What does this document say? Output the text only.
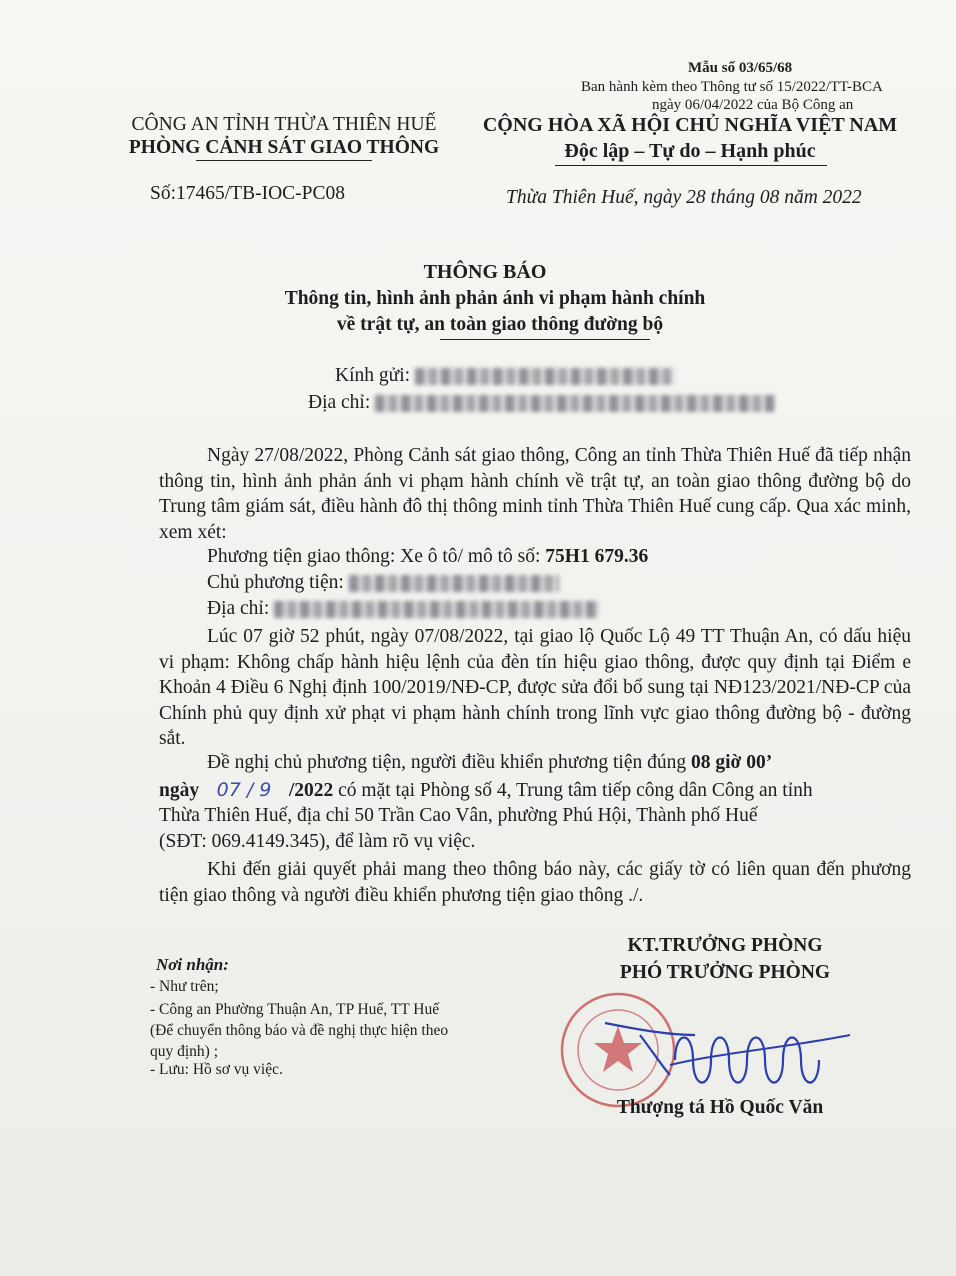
Mẫu số 03/65/68
Ban hành kèm theo Thông tư số 15/2022/TT-BCA
ngày 06/04/2022 của Bộ Công an
CÔNG AN TỈNH THỪA THIÊN HUẾ
PHÒNG CẢNH SÁT GIAO THÔNG
CỘNG HÒA XÃ HỘI CHỦ NGHĨA VIỆT NAM
Độc lập – Tự do – Hạnh phúc
Số:17465/TB-IOC-PC08	Thừa Thiên Huế, ngày 28 tháng 08 năm 2022
THÔNG BÁO
Thông tin, hình ảnh phản ánh vi phạm hành chính
về trật tự, an toàn giao thông đường bộ
Kính gửi:
Địa chỉ:
Ngày 27/08/2022, Phòng Cảnh sát giao thông, Công an tỉnh Thừa Thiên Huế đã tiếp nhận thông tin, hình ảnh phản ánh vi phạm hành chính về trật tự, an toàn giao thông đường bộ do Trung tâm giám sát, điều hành đô thị thông minh tỉnh Thừa Thiên Huế cung cấp. Qua xác minh, xem xét:
Phương tiện giao thông: Xe ô tô/ mô tô số: 75H1 679.36
Chủ phương tiện:
Địa chỉ:
Lúc 07 giờ 52 phút, ngày 07/08/2022, tại giao lộ Quốc Lộ 49 TT Thuận An, có dấu hiệu vi phạm: Không chấp hành hiệu lệnh của đèn tín hiệu giao thông, được quy định tại Điểm e Khoản 4 Điều 6 Nghị định 100/2019/NĐ-CP, được sửa đổi bổ sung tại NĐ123/2021/NĐ-CP của Chính phủ quy định xử phạt vi phạm hành chính trong lĩnh vực giao thông đường bộ - đường sắt.
Đề nghị chủ phương tiện, người điều khiển phương tiện đúng 08 giờ 00’
ngày 07 / 9 /2022 có mặt tại Phòng số 4, Trung tâm tiếp công dân Công an tỉnh
Thừa Thiên Huế, địa chỉ 50 Trần Cao Vân, phường Phú Hội, Thành phố Huế
(SĐT: 069.4149.345), để làm rõ vụ việc.
Khi đến giải quyết phải mang theo thông báo này, các giấy tờ có liên quan đến phương tiện giao thông và người điều khiển phương tiện giao thông ./.
Nơi nhận:
- Như trên;
- Công an Phường Thuận An, TP Huế, TT Huế
(Để chuyển thông báo và đề nghị thực hiện theo
quy định) ;
- Lưu: Hồ sơ vụ việc.
KT.TRƯỞNG PHÒNG
PHÓ TRƯỞNG PHÒNG
Thượng tá Hồ Quốc Văn
